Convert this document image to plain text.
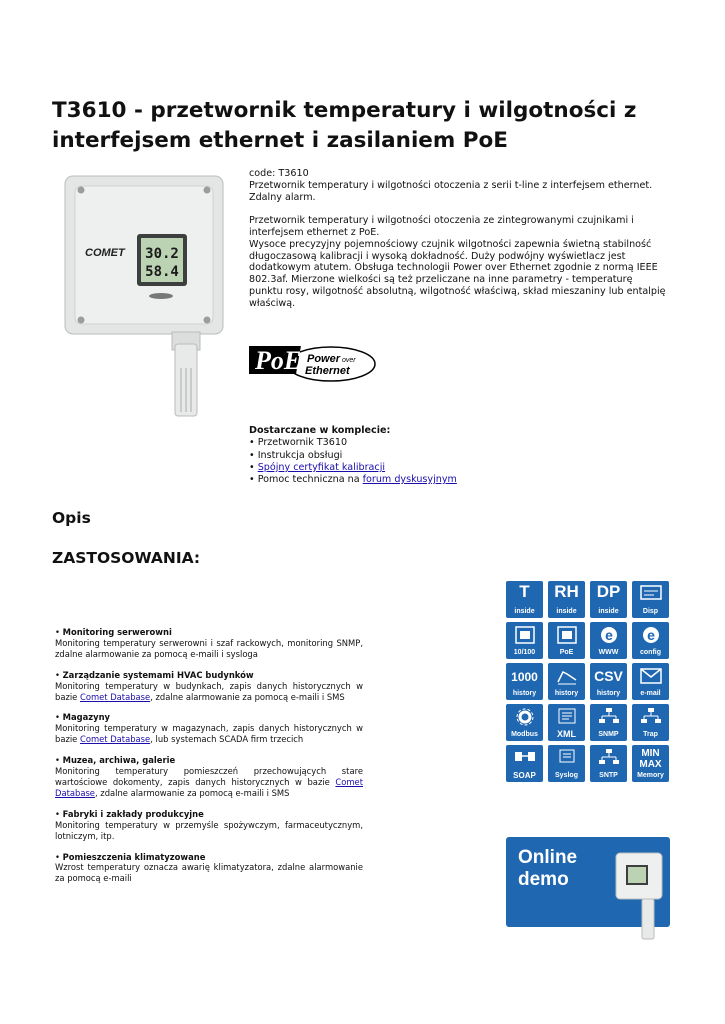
T3610 - przetwornik temperatury i wilgotności z interfejsem ethernet i zasilaniem PoE
30.2
58.4
COMET

code: T3610

Przetwornik temperatury i wilgotności otoczenia z serii t-line z interfejsem ethernet. Zdalny alarm.

Przetwornik temperatury i wilgotności otoczenia ze zintegrowanymi czujnikami i interfejsem ethernet z PoE.

Wysoce precyzyjny pojemnościowy czujnik wilgotności zapewnia świetną stabilność długoczasową kalibracji i wysoką dokładność. Duży podwójny wyświetlacz jest dodatkowym atutem. Obsługa technologii Power over Ethernet zgodnie z normą IEEE 802.3af. Mierzone wielkości są też przeliczane na inne parametry - temperaturę punktu rosy, wilgotność absolutną, wilgotność właściwą, skład mieszaniny lub entalpię właściwą.

PoE Power over
Ethernet
Dostarczane w komplecie:
• Przetwornik T3610
• Instrukcja obsługi
• Spójny certyfikat kalibracji
• Pomoc techniczna na forum dyskusyjnym
Opis
ZASTOSOWANIA:
• Monitoring serwerowni
Monitoring temperatury serwerowni i szaf rackowych, monitoring SNMP, zdalne alarmowanie za pomocą e-maili i sysloga
• Zarządzanie systemami HVAC budynków
Monitoring temperatury w budynkach, zapis danych historycznych w bazie Comet Database, zdalne alarmowanie za pomocą e-maili i SMS
• Magazyny
Monitoring temperatury w magazynach, zapis danych historycznych w bazie Comet Database, lub systemach SCADA firm trzecich
• Muzea, archiwa, galerie
Monitoring temperatury pomieszczeń przechowujących stare wartościowe dokomenty, zapis danych historycznych w bazie Comet Database, zdalne alarmowanie za pomocą e-maili i SMS
• Fabryki i zakłady produkcyjne
Monitoring temperatury w przemyśle spożywczym, farmaceutycznym, lotniczym, itp.
• Pomieszczenia klimatyzowane
Wzrost temperatury oznacza awarię klimatyzatora, zdalne alarmowanie za pomocą e-maili
T
inside
RH
inside
DP
inside	Disp
10/100	PoE
e
WWW
e
config
1000
history	history
CSV
history	e-mail
Modbus	XML	SNMP	Trap
SOAP	Syslog	SNTP
MIN
MAX
Memory
Online
demo
